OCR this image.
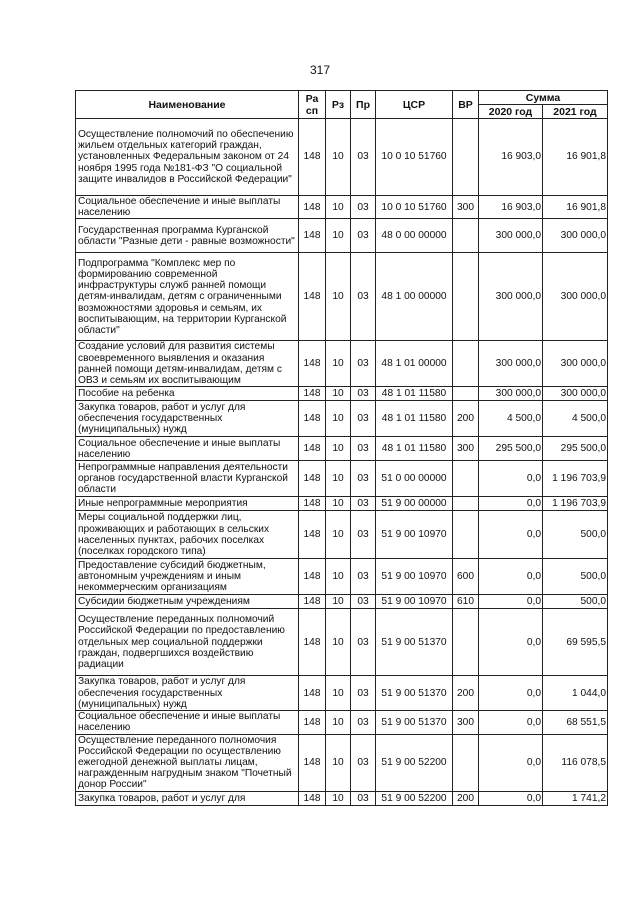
317
Наименование	Ра сп	Рз	Пр	ЦСР	ВР	Сумма	
						2020 год	2021 год
Осуществление полномочий по обеспечению жильем отдельных категорий граждан, установленных Федеральным законом от 24 ноября 1995 года №181-ФЗ "О социальной защите инвалидов в Российской Федерации"	148	10	03	10 0 10 51760		16 903,0	16 901,8
Социальное обеспечение и иные выплаты населению	148	10	03	10 0 10 51760	300	16 903,0	16 901,8
Государственная программа Курганской области "Разные дети - равные возможности"	148	10	03	48 0 00 00000		300 000,0	300 000,0
Подпрограмма "Комплекс мер по формированию современной инфраструктуры служб ранней помощи детям-инвалидам, детям с ограниченными возможностями здоровья и семьям, их воспитывающим, на территории Курганской области"	148	10	03	48 1 00 00000		300 000,0	300 000,0
Создание условий для развития системы своевременного выявления и оказания ранней помощи детям-инвалидам, детям с ОВЗ и семьям их воспитывающим	148	10	03	48 1 01 00000		300 000,0	300 000,0
Пособие на ребенка	148	10	03	48 1 01 11580		300 000,0	300 000,0
Закупка товаров, работ и услуг для обеспечения государственных (муниципальных) нужд	148	10	03	48 1 01 11580	200	4 500,0	4 500,0
Социальное обеспечение и иные выплаты населению	148	10	03	48 1 01 11580	300	295 500,0	295 500,0
Непрограммные направления деятельности органов государственной власти Курганской области	148	10	03	51 0 00 00000		0,0	1 196 703,9
Иные непрограммные мероприятия	148	10	03	51 9 00 00000		0,0	1 196 703,9
Меры социальной поддержки лиц, проживающих и работающих в сельских населенных пунктах, рабочих поселках (поселках городского типа)	148	10	03	51 9 00 10970		0,0	500,0
Предоставление субсидий бюджетным, автономным учреждениям и иным некоммерческим организациям	148	10	03	51 9 00 10970	600	0,0	500,0
Субсидии бюджетным учреждениям	148	10	03	51 9 00 10970	610	0,0	500,0
Осуществление переданных полномочий Российской Федерации по предоставлению отдельных мер социальной поддержки граждан, подвергшихся воздействию радиации	148	10	03	51 9 00 51370		0,0	69 595,5
Закупка товаров, работ и услуг для обеспечения государственных (муниципальных) нужд	148	10	03	51 9 00 51370	200	0,0	1 044,0
Социальное обеспечение и иные выплаты населению	148	10	03	51 9 00 51370	300	0,0	68 551,5
Осуществление переданного полномочия Российской Федерации по осуществлению ежегодной денежной выплаты лицам, награжденным нагрудным знаком "Почетный донор России"	148	10	03	51 9 00 52200		0,0	116 078,5
Закупка товаров, работ и услуг для	148	10	03	51 9 00 52200	200	0,0	1 741,2
